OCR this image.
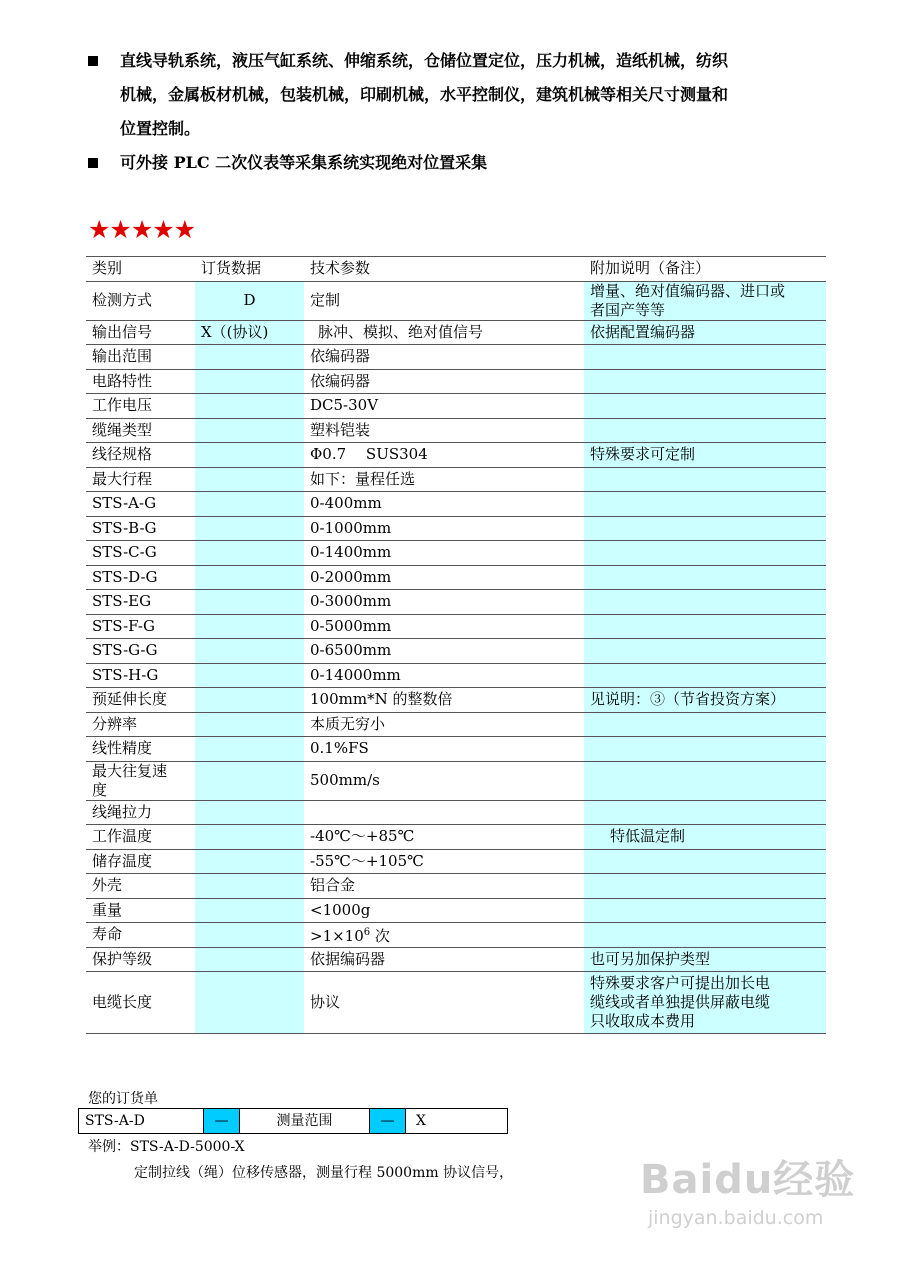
直线导轨系统，液压气缸系统、伸缩系统，仓储位置定位，压力机械，造纸机械，纺织
机械，金属板材机械，包装机械，印刷机械，水平控制仪，建筑机械等相关尺寸测量和
位置控制。
可外接 PLC 二次仪表等采集系统实现绝对位置采集
★★★★★
类别	订货数据	技术参数	附加说明（备注）
检测方式	D	定制	增量、绝对值编码器、进口或
者国产等等

输出信号	X（(协议)	脉冲、模拟、绝对值信号	依据配置编码器
输出范围		依编码器	
电路特性		依编码器	
工作电压		DC5-30V	
缆绳类型		塑料铠装	
线径规格		Φ0.7　 SUS304	特殊要求可定制
最大行程		如下：量程任选	
STS-A-G		0-400mm	
STS-B-G		0-1000mm	
STS-C-G		0-1400mm	
STS-D-G		0-2000mm	
STS-EG		0-3000mm	
STS-F-G		0-5000mm	
STS-G-G		0-6500mm	
STS-H-G		0-14000mm	
预延伸长度		100mm*N 的整数倍	见说明：③（节省投资方案）
分辨率		本质无穷小	
线性精度		0.1%FS	

最大往复速
度		500mm/s	
线绳拉力			
工作温度		-40℃～+85℃	特低温定制
储存温度		-55℃～+105℃	
外壳		铝合金	
重量		<1000g	
寿命		$>1\times 10^6$ 次	
保护等级		依据编码器	也可另加保护类型
电缆长度		协议	特殊要求客户可提出加长电
缆线或者单独提供屏蔽电缆
只收取成本费用
您的订货单
STS-A-D	—	测量范围	—	X
举例：STS-A-D-5000-X
定制拉线（绳）位移传感器，测量行程 5000mm 协议信号，	Baidu经验
jingyan.baidu.com
